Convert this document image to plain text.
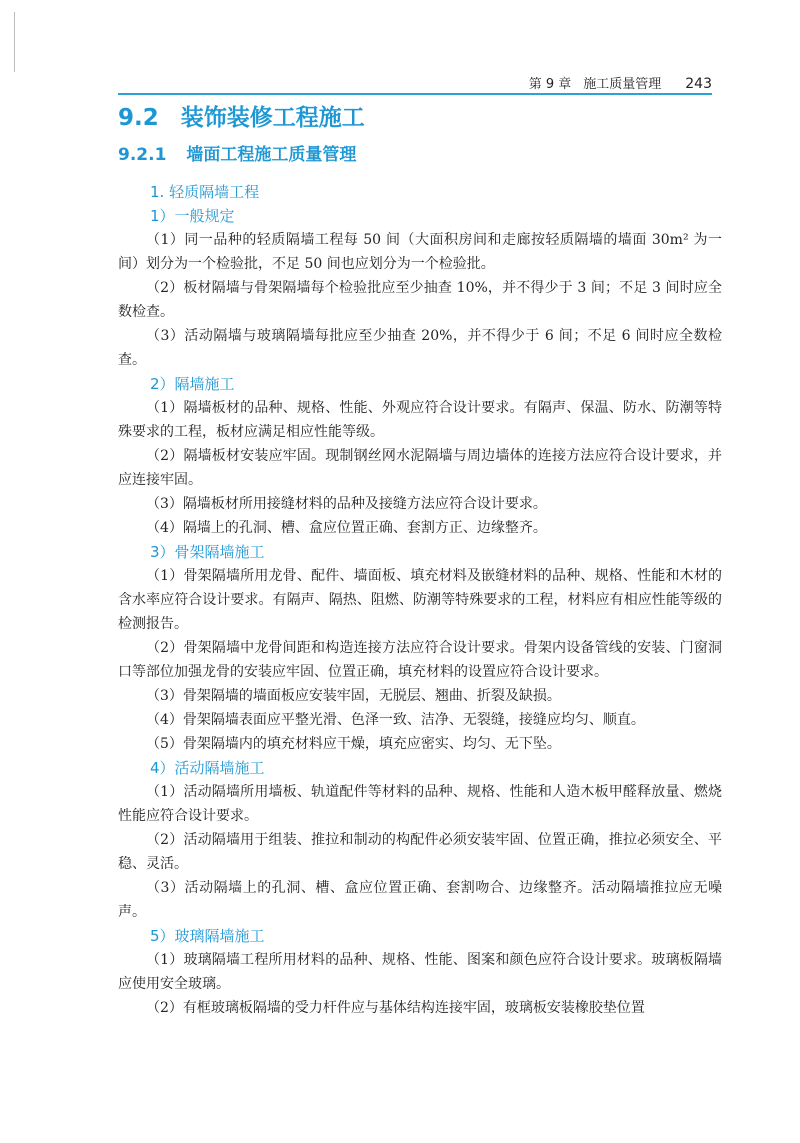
第 9 章 施工质量管理 243
9.2 装饰装修工程施工
9.2.1 墙面工程施工质量管理
1. 轻质隔墙工程
1）一般规定

（1）同一品种的轻质隔墙工程每 50 间（大面积房间和走廊按轻质隔墙的墙面 30m² 为一间）划分为一个检验批，不足 50 间也应划分为一个检验批。

（2）板材隔墙与骨架隔墙每个检验批应至少抽查 10%，并不得少于 3 间；不足 3 间时应全数检查。

（3）活动隔墙与玻璃隔墙每批应至少抽查 20%，并不得少于 6 间；不足 6 间时应全数检查。

2）隔墙施工

（1）隔墙板材的品种、规格、性能、外观应符合设计要求。有隔声、保温、防水、防潮等特殊要求的工程，板材应满足相应性能等级。

（2）隔墙板材安装应牢固。现制钢丝网水泥隔墙与周边墙体的连接方法应符合设计要求，并应连接牢固。

（3）隔墙板材所用接缝材料的品种及接缝方法应符合设计要求。

（4）隔墙上的孔洞、槽、盒应位置正确、套割方正、边缘整齐。

3）骨架隔墙施工

（1）骨架隔墙所用龙骨、配件、墙面板、填充材料及嵌缝材料的品种、规格、性能和木材的含水率应符合设计要求。有隔声、隔热、阻燃、防潮等特殊要求的工程，材料应有相应性能等级的检测报告。

（2）骨架隔墙中龙骨间距和构造连接方法应符合设计要求。骨架内设备管线的安装、门窗洞口等部位加强龙骨的安装应牢固、位置正确，填充材料的设置应符合设计要求。

（3）骨架隔墙的墙面板应安装牢固，无脱层、翘曲、折裂及缺损。

（4）骨架隔墙表面应平整光滑、色泽一致、洁净、无裂缝，接缝应均匀、顺直。

（5）骨架隔墙内的填充材料应干燥，填充应密实、均匀、无下坠。

4）活动隔墙施工

（1）活动隔墙所用墙板、轨道配件等材料的品种、规格、性能和人造木板甲醛释放量、燃烧性能应符合设计要求。

（2）活动隔墙用于组装、推拉和制动的构配件必须安装牢固、位置正确，推拉必须安全、平稳、灵活。

（3）活动隔墙上的孔洞、槽、盒应位置正确、套割吻合、边缘整齐。活动隔墙推拉应无噪声。

5）玻璃隔墙施工

（1）玻璃隔墙工程所用材料的品种、规格、性能、图案和颜色应符合设计要求。玻璃板隔墙应使用安全玻璃。

（2）有框玻璃板隔墙的受力杆件应与基体结构连接牢固，玻璃板安装橡胶垫位置
